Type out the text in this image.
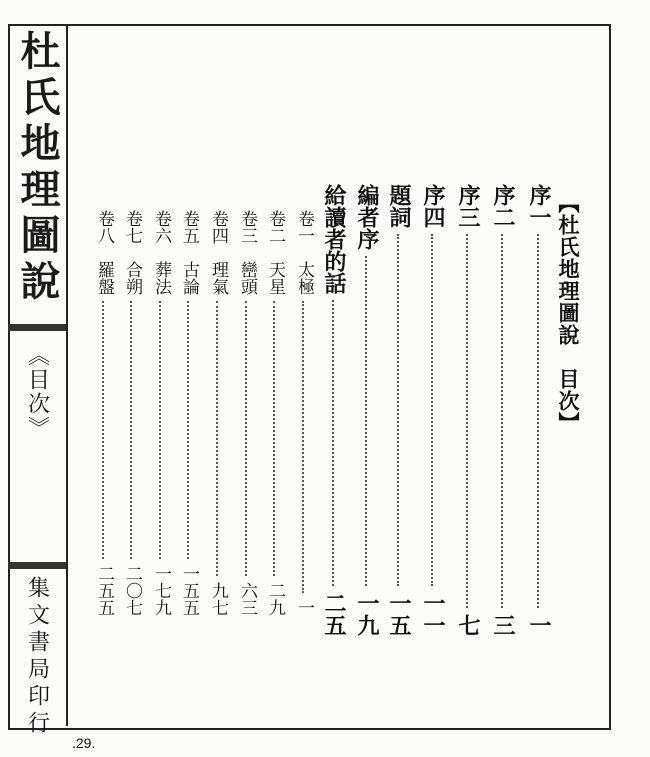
杜氏地理圖說
《目次》
集文書局印行
【杜氏地理圖說　目次】
序一
一
序二
三
序三
七
序四
一一
題詞
一五
編者序
一九
給讀者的話
二五
卷一　太極
一
卷二　天星
二九
卷三　巒頭
六三
卷四　理氣
九七
卷五　古論
一五五
卷六　葬法
一七九
卷七　合朔
二〇七
卷八　羅盤
二五五
.29.
